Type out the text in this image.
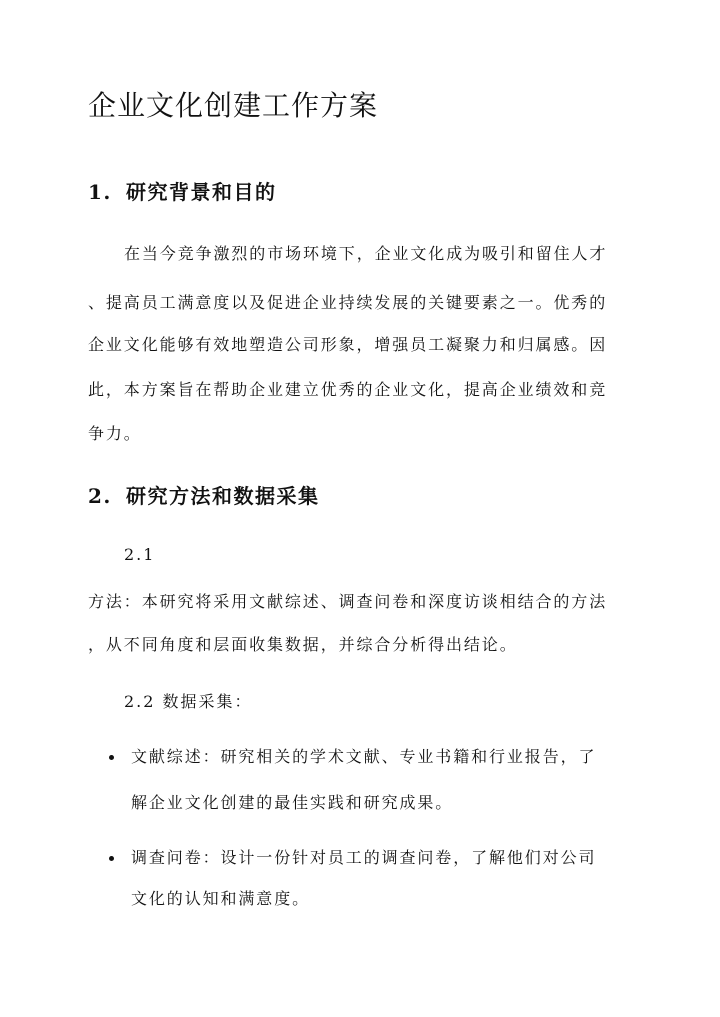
企业文化创建工作方案
1. 研究背景和目的
在当今竞争激烈的市场环境下，企业文化成为吸引和留住人才
、提高员工满意度以及促进企业持续发展的关键要素之一。优秀的
企业文化能够有效地塑造公司形象，增强员工凝聚力和归属感。因
此，本方案旨在帮助企业建立优秀的企业文化，提高企业绩效和竞
争力。
2. 研究方法和数据采集
2.1
方法：本研究将采用文献综述、调查问卷和深度访谈相结合的方法
，从不同角度和层面收集数据，并综合分析得出结论。
2.2 数据采集：
文献综述：研究相关的学术文献、专业书籍和行业报告，了
解企业文化创建的最佳实践和研究成果。
调查问卷：设计一份针对员工的调查问卷，了解他们对公司
文化的认知和满意度。
